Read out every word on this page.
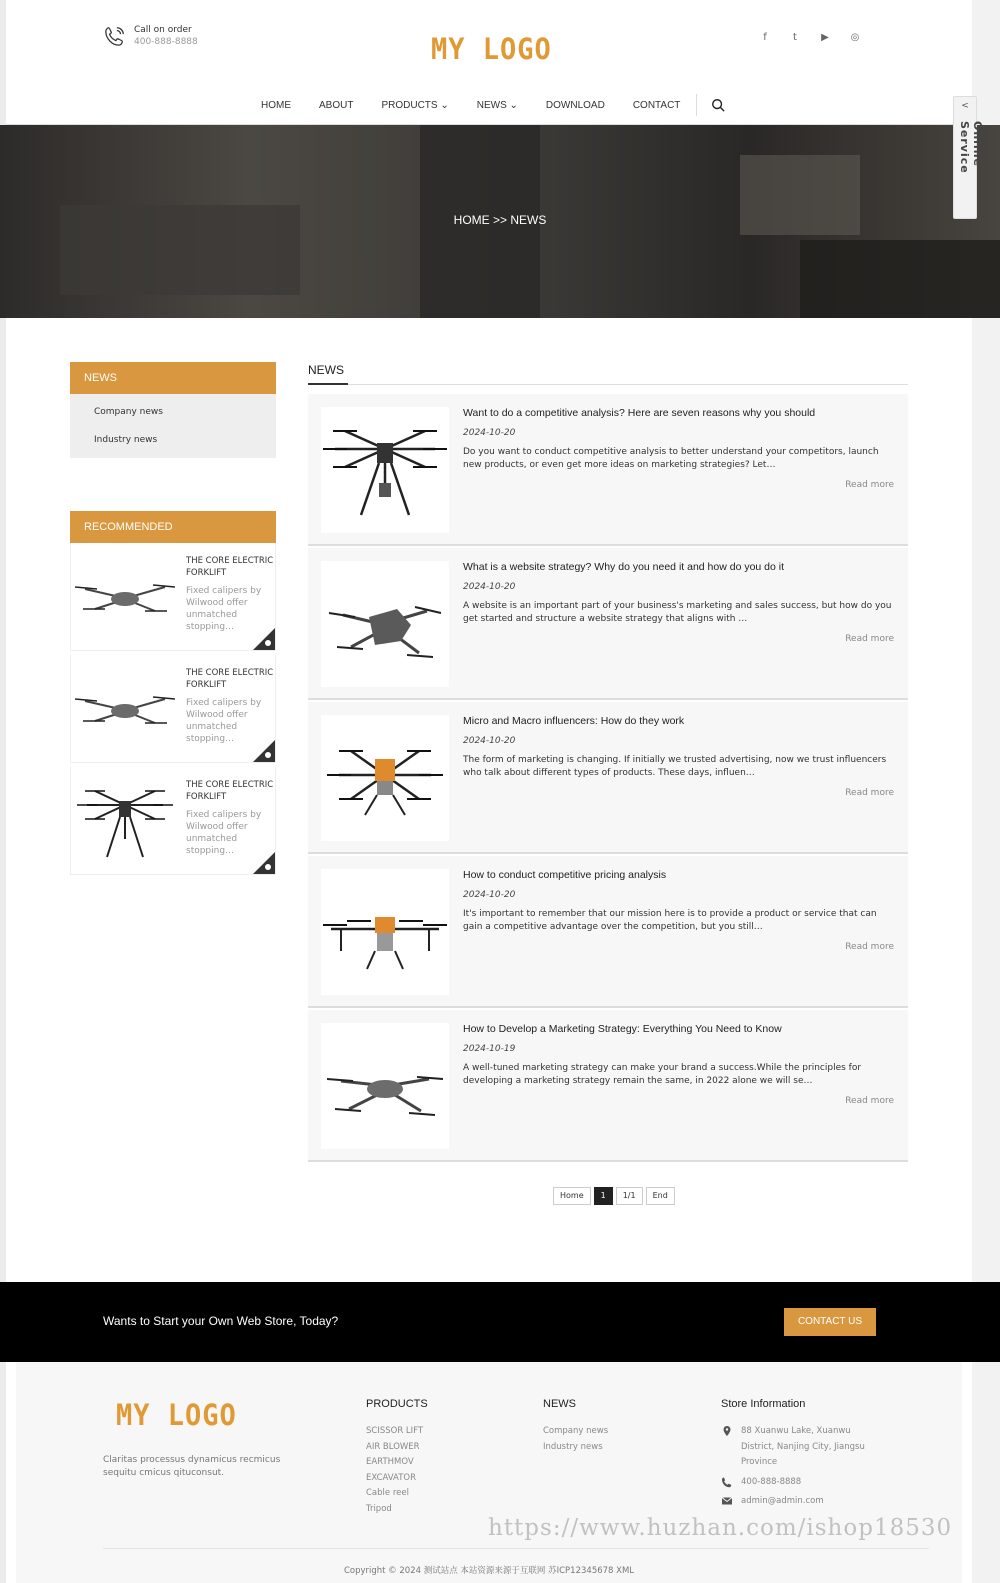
Call on order
400-888-8888	MY LOGO	f	t	▶	◎
HOME	ABOUT	PRODUCTS ⌄	NEWS ⌄	DOWNLOAD	CONTACT
HOME >> NEWS
<
Online Service
NEWS
Company news
Industry news
RECOMMENDED
THE CORE ELECTRIC FORKLIFT
Fixed calipers by Wilwood offer unmatched stopping…
THE CORE ELECTRIC FORKLIFT
Fixed calipers by Wilwood offer unmatched stopping…
THE CORE ELECTRIC FORKLIFT
Fixed calipers by Wilwood offer unmatched stopping…
NEWS
Want to do a competitive analysis? Here are seven reasons why you should
2024-10-20
Do you want to conduct competitive analysis to better understand your competitors, launch new products, or even get more ideas on marketing strategies? Let…
Read more
What is a website strategy? Why do you need it and how do you do it
2024-10-20
A website is an important part of your business's marketing and sales success, but how do you get started and structure a website strategy that aligns with …
Read more
Micro and Macro influencers: How do they work
2024-10-20
The form of marketing is changing. If initially we trusted advertising, now we trust influencers who talk about different types of products. These days, influen…
Read more
How to conduct competitive pricing analysis
2024-10-20
It's important to remember that our mission here is to provide a product or service that can gain a competitive advantage over the competition, but you still…
Read more
How to Develop a Marketing Strategy: Everything You Need to Know
2024-10-19
A well-tuned marketing strategy can make your brand a success.While the principles for developing a marketing strategy remain the same, in 2022 alone we will se…
Read more
Home	1	1/1	End
Wants to Start your Own Web Store, Today?	CONTACT US
MY LOGO
Claritas processus dynamicus recmicus sequitu cmicus qituconsut.
PRODUCTS
SCISSOR LIFT
AIR BLOWER
EARTHMOV
EXCAVATOR
Cable reel
Tripod
NEWS
Company news
Industry news
Store Information
88 Xuanwu Lake, Xuanwu District, Nanjing City, Jiangsu Province
400-888-8888
admin@admin.com
Copyright © 2024 测试站点 本站资源来源于互联网 苏ICP12345678 XML
https://www.huzhan.com/ishop18530
